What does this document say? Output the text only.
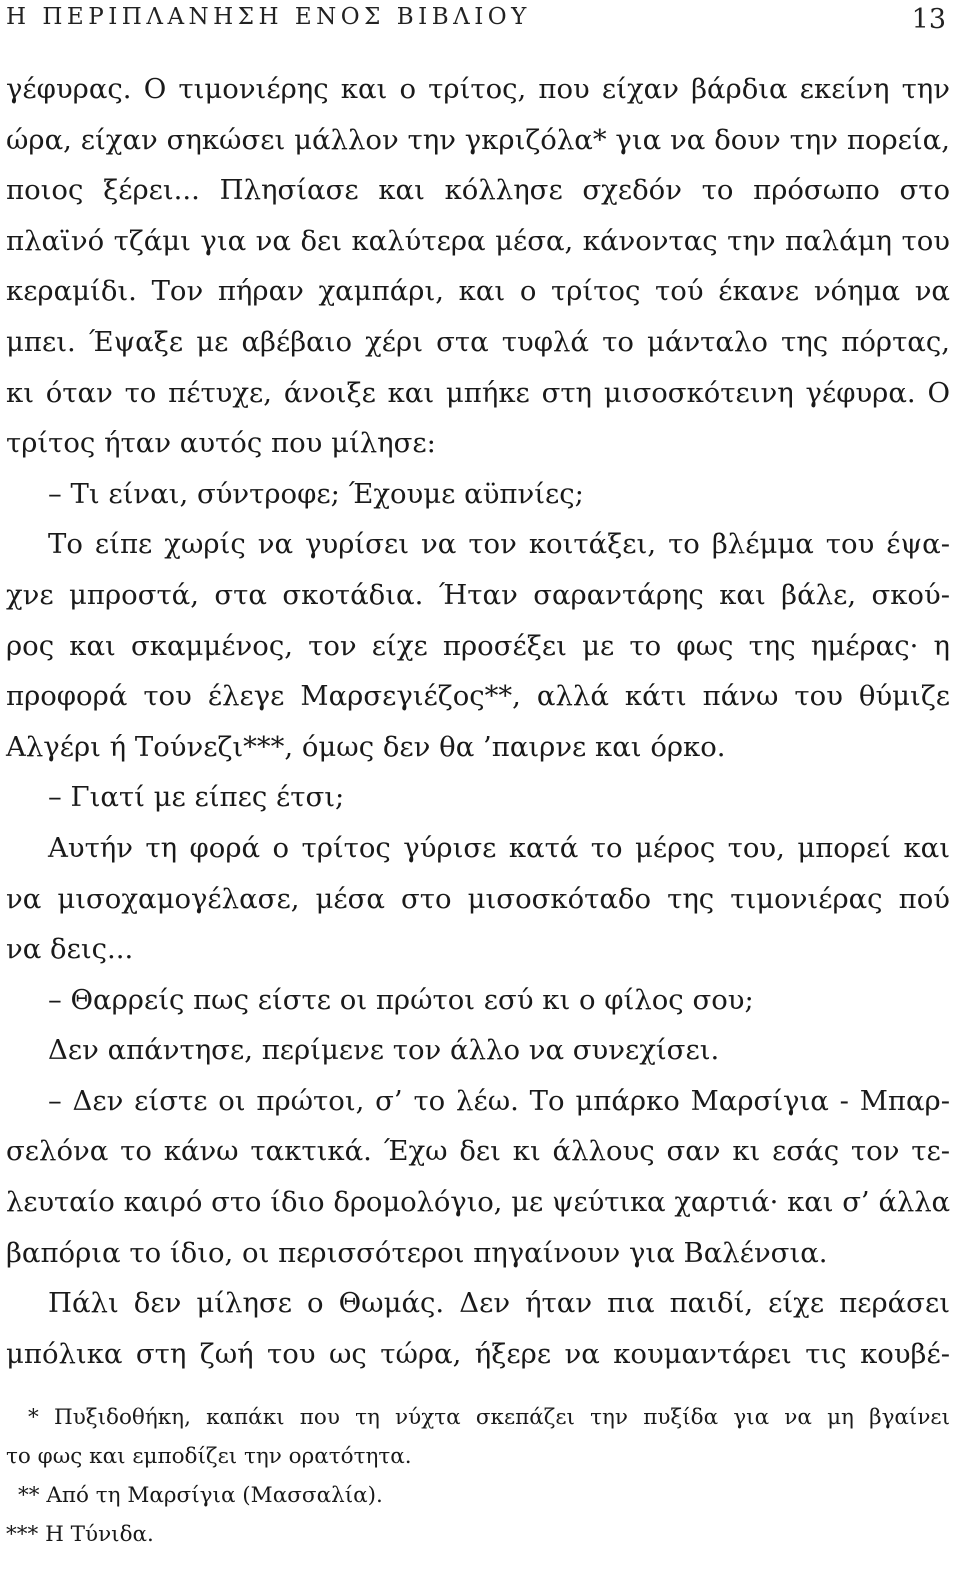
Η ΠΕΡΙΠΛΑΝΗΣΗ ΕΝΟΣ ΒΙΒΛΙΟΥ	13
γέφυρας. Ο τιμονιέρης και ο τρίτος, που είχαν βάρδια εκείνη την
ώρα, είχαν σηκώσει μάλλον την γκριζόλα* για να δουν την πορεία,
ποιος ξέρει... Πλησίασε και κόλλησε σχεδόν το πρόσωπο στο
πλαϊνό τζάμι για να δει καλύτερα μέσα, κάνοντας την παλάμη του
κεραμίδι. Τον πήραν χαμπάρι, και ο τρίτος τού έκανε νόημα να
μπει. Έψαξε με αβέβαιο χέρι στα τυφλά το μάνταλο της πόρτας,
κι όταν το πέτυχε, άνοιξε και μπήκε στη μισοσκότεινη γέφυρα. Ο
τρίτος ήταν αυτός που μίλησε:
– Τι είναι, σύντροφε; Έχουμε αϋπνίες;
Το είπε χωρίς να γυρίσει να τον κοιτάξει, το βλέμμα του έψα-
χνε μπροστά, στα σκοτάδια. Ήταν σαραντάρης και βάλε, σκού-
ρος και σκαμμένος, τον είχε προσέξει με το φως της ημέρας· η
προφορά του έλεγε Μαρσεγιέζος**, αλλά κάτι πάνω του θύμιζε
Αλγέρι ή Τούνεζι***, όμως δεν θα ’παιρνε και όρκο.
– Γιατί με είπες έτσι;
Αυτήν τη φορά ο τρίτος γύρισε κατά το μέρος του, μπορεί και
να μισοχαμογέλασε, μέσα στο μισοσκόταδο της τιμονιέρας πού
να δεις...
– Θαρρείς πως είστε οι πρώτοι εσύ κι ο φίλος σου;
Δεν απάντησε, περίμενε τον άλλο να συνεχίσει.
– Δεν είστε οι πρώτοι, σ’ το λέω. Το μπάρκο Μαρσίγια - Μπαρ-
σελόνα το κάνω τακτικά. Έχω δει κι άλλους σαν κι εσάς τον τε-
λευταίο καιρό στο ίδιο δρομολόγιο, με ψεύτικα χαρτιά· και σ’ άλλα
βαπόρια το ίδιο, οι περισσότεροι πηγαίνουν για Βαλένσια.
Πάλι δεν μίλησε ο Θωμάς. Δεν ήταν πια παιδί, είχε περάσει
μπόλικα στη ζωή του ως τώρα, ήξερε να κουμαντάρει τις κουβέ-
* Πυξιδοθήκη, καπάκι που τη νύχτα σκεπάζει την πυξίδα για να μη βγαίνει
το φως και εμποδίζει την ορατότητα.
** Από τη Μαρσίγια (Μασσαλία).
*** Η Τύνιδα.
